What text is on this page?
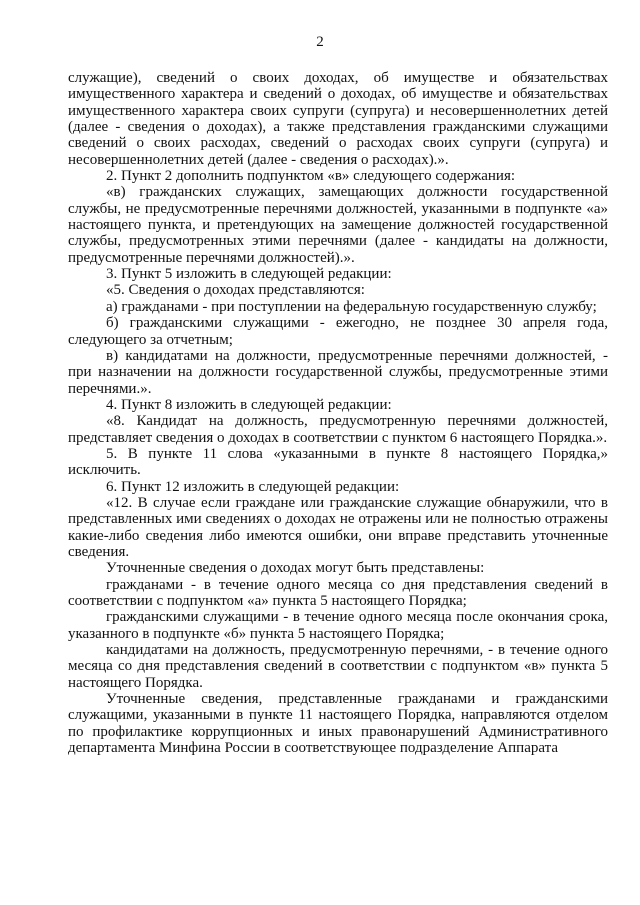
2

служащие), сведений о своих доходах, об имуществе и обязательствах имущественного характера и сведений о доходах, об имуществе и обязательствах имущественного характера своих супруги (супруга) и несовершеннолетних детей (далее - сведения о доходах), а также представления гражданскими служащими сведений о своих расходах, сведений о расходах своих супруги (супруга) и несовершеннолетних детей (далее - сведения о расходах).».

2. Пункт 2 дополнить подпунктом «в» следующего содержания:

«в) гражданских служащих, замещающих должности государственной службы, не предусмотренные перечнями должностей, указанными в подпункте «а» настоящего пункта, и претендующих на замещение должностей государственной службы, предусмотренных этими перечнями (далее - кандидаты на должности, предусмотренные перечнями должностей).».

3. Пункт 5 изложить в следующей редакции:

«5. Сведения о доходах представляются:

а) гражданами - при поступлении на федеральную государственную службу;

б) гражданскими служащими - ежегодно, не позднее 30 апреля года, следующего за отчетным;

в) кандидатами на должности, предусмотренные перечнями должностей, - при назначении на должности государственной службы, предусмотренные этими перечнями.».

4. Пункт 8 изложить в следующей редакции:

«8. Кандидат на должность, предусмотренную перечнями должностей, представляет сведения о доходах в соответствии с пунктом 6 настоящего Порядка.».

5. В пункте 11 слова «указанными в пункте 8 настоящего Порядка,» исключить.

6. Пункт 12 изложить в следующей редакции:

«12. В случае если граждане или гражданские служащие обнаружили, что в представленных ими сведениях о доходах не отражены или не полностью отражены какие-либо сведения либо имеются ошибки, они вправе представить уточненные сведения.

Уточненные сведения о доходах могут быть представлены:

гражданами - в течение одного месяца со дня представления сведений в соответствии с подпунктом «а» пункта 5 настоящего Порядка;

гражданскими служащими - в течение одного месяца после окончания срока, указанного в подпункте «б» пункта 5 настоящего Порядка;

кандидатами на должность, предусмотренную перечнями, - в течение одного месяца со дня представления сведений в соответствии с подпунктом «в» пункта 5 настоящего Порядка.

Уточненные сведения, представленные гражданами и гражданскими служащими, указанными в пункте 11 настоящего Порядка, направляются отделом по профилактике коррупционных и иных правонарушений Административного департамента Минфина России в соответствующее подразделение Аппарата
